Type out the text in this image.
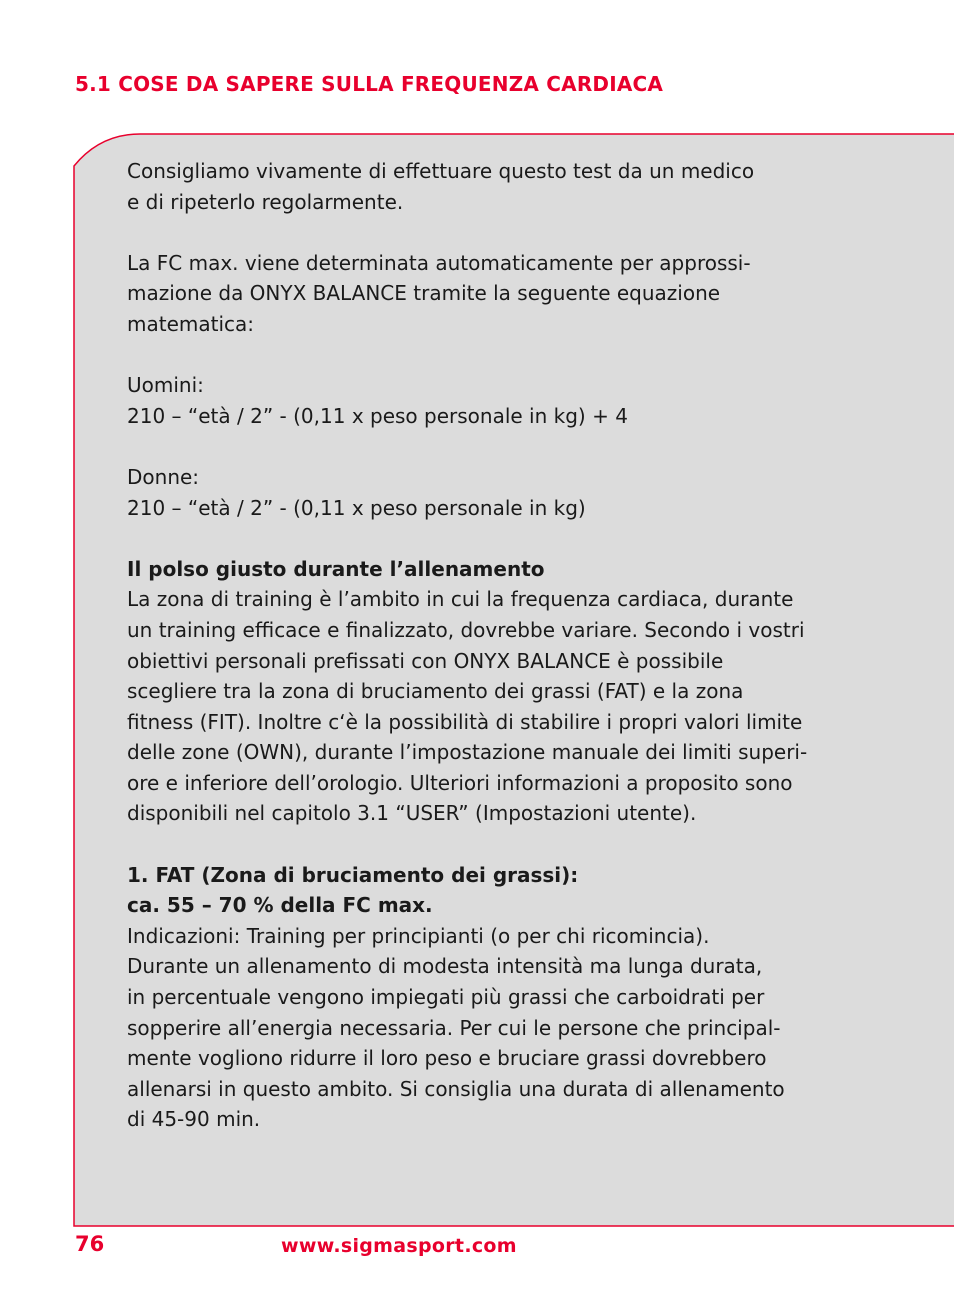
5.1 COSE DA SAPERE SULLA FREQUENZA CARDIACA

Consigliamo vivamente di effettuare questo test da un medico
e di ripeterlo regolarmente.

La FC max. viene determinata automaticamente per approssi-
mazione da ONYX BALANCE tramite la seguente equazione
matematica:

Uomini:
210 – “età / 2” - (0,11 x peso personale in kg) + 4

Donne:
210 – “età / 2” - (0,11 x peso personale in kg)

Il polso giusto durante l’allenamento
La zona di training è l’ambito in cui la frequenza cardiaca, durante
un training efficace e finalizzato, dovrebbe variare. Secondo i vostri
obiettivi personali prefissati con ONYX BALANCE è possibile
scegliere tra la zona di bruciamento dei grassi (FAT) e la zona
fitness (FIT). Inoltre c‘è la possibilità di stabilire i propri valori limite
delle zone (OWN), durante l’impostazione manuale dei limiti superi-
ore e inferiore dell’orologio. Ulteriori informazioni a proposito sono
disponibili nel capitolo 3.1 “USER” (Impostazioni utente).

1. FAT (Zona di bruciamento dei grassi):
ca. 55 – 70 % della FC max.
Indicazioni: Training per principianti (o per chi ricomincia).
Durante un allenamento di modesta intensità ma lunga durata,
in percentuale vengono impiegati più grassi che carboidrati per
sopperire all’energia necessaria. Per cui le persone che principal-
mente vogliono ridurre il loro peso e bruciare grassi dovrebbero
allenarsi in questo ambito. Si consiglia una durata di allenamento
di 45-90 min.

76	www.sigmasport.com
